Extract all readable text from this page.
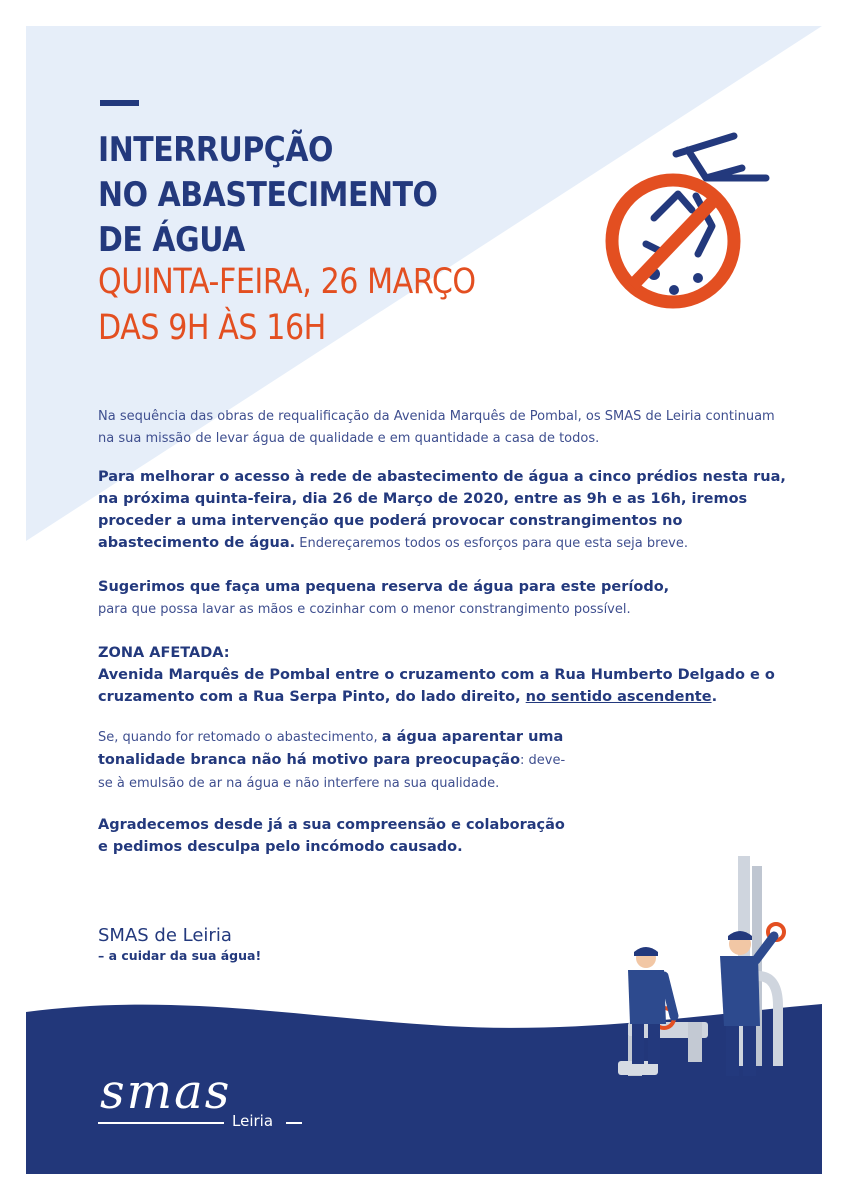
INTERRUPÇÃO
NO ABASTECIMENTO
DE ÁGUA
QUINTA-FEIRA, 26 MARÇO
DAS 9H ÀS 16H

Na sequência das obras de requalificação da Avenida Marquês de Pombal, os SMAS de Leiria continuam na sua missão de levar água de qualidade e em quantidade a casa de todos.

Para melhorar o acesso à rede de abastecimento de água a cinco prédios nesta rua, na próxima quinta-feira, dia 26 de Março de 2020, entre as 9h e as 16h, iremos proceder a uma intervenção que poderá provocar constrangimentos no abastecimento de água. Endereçaremos todos os esforços para que esta seja breve.

Sugerimos que faça uma pequena reserva de água para este período,
para que possa lavar as mãos e cozinhar com o menor constrangimento possível.

ZONA AFETADA:
Avenida Marquês de Pombal entre o cruzamento com a Rua Humberto Delgado e o cruzamento com a Rua Serpa Pinto, do lado direito, no sentido ascendente.

Se, quando for retomado o abastecimento, a água aparentar uma tonalidade branca não há motivo para preocupação: deve-se à emulsão de ar na água e não interfere na sua qualidade.

Agradecemos desde já a sua compreensão e colaboração e pedimos desculpa pelo incómodo causado.

SMAS de Leiria
– a cuidar da sua água!
smas
Leiria
